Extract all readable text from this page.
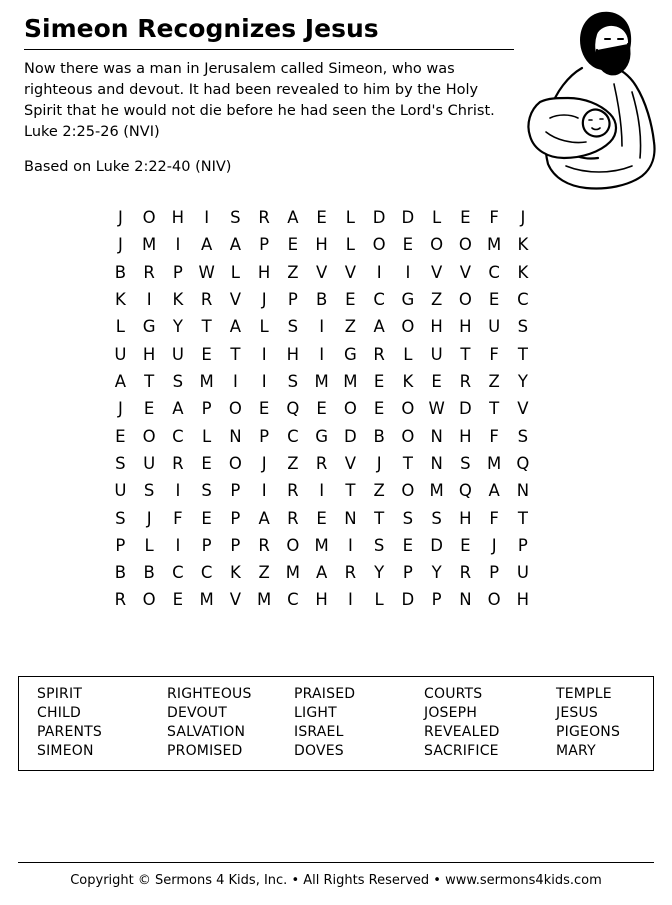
Simeon Recognizes Jesus

Now there was a man in Jerusalem called Simeon, who was righteous and devout. It had been revealed to him by the Holy Spirit that he would not die before he had seen the Lord's Christ. Luke 2:25-26 (NVI)

Based on Luke 2:22-40 (NIV)

J O H I S R A E L D D L E F J
J M I A A P E H L O E O O M K
B R P W L H Z V V I I V V C K
K I K R V J P B E C G Z O E C
L G Y T A L S I Z A O H H U S
U H U E T I H I G R L U T F T
A T S M I I S M M E K E R Z Y
J E A P O E Q E O E O W D T V
E O C L N P C G D B O N H F S
S U R E O J Z R V J T N S M Q
U S I S P I R I T Z O M Q A N
S J F E P A R E N T S S H F T
P L I P P R O M I S E D E J P
B B C C K Z M A R Y P Y R P U
R O E M V M C H I L D P N O H
SPIRIT	RIGHTEOUS	PRAISED	COURTS	TEMPLE
CHILD	DEVOUT	LIGHT	JOSEPH	JESUS
PARENTS	SALVATION	ISRAEL	REVEALED	PIGEONS
SIMEON	PROMISED	DOVES	SACRIFICE	MARY
Copyright © Sermons 4 Kids, Inc. • All Rights Reserved • www.sermons4kids.com
